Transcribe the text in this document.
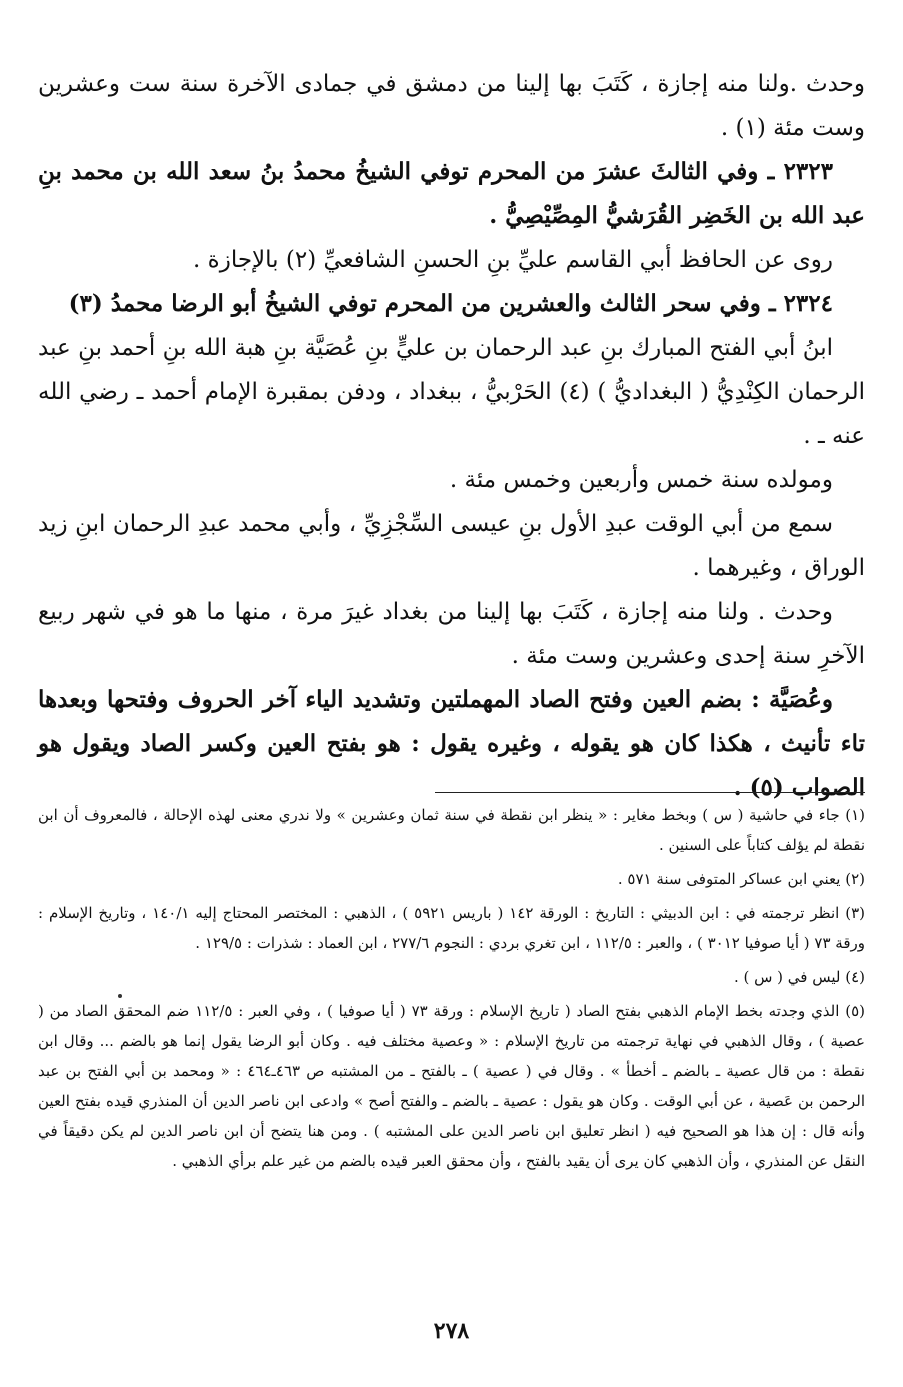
وحدث .ولنا منه إجازة ، كَتَبَ بها إلينا من دمشق في جمادى الآخرة سنة ست وعشرين وست مئة (١) .

٢٣٢٣ ـ وفي الثالثَ عشرَ من المحرم توفي الشيخُ محمدُ بنُ سعد الله بن محمد بنِ عبد الله بن الخَضِر القُرَشيُّ المِصِّيْصِيُّ .

روى عن الحافظ أبي القاسم عليِّ بنِ الحسنِ الشافعيِّ (٢) بالإجازة .

٢٣٢٤ ـ وفي سحر الثالث والعشرين من المحرم توفي الشيخُ أبو الرضا محمدُ (٣)

ابنُ أبي الفتح المبارك بنِ عبد الرحمان بن عليٍّ بنِ عُصَيَّة بنِ هبة الله بنِ أحمد بنِ عبد الرحمان الكِنْدِيُّ ( البغداديُّ ) (٤) الحَرْبيُّ ، ببغداد ، ودفن بمقبرة الإمام أحمد ـ رضي الله عنه ـ .

ومولده سنة خمس وأربعين وخمس مئة .

سمع من أبي الوقت عبدِ الأول بنِ عيسى السِّجْزِيِّ ، وأبي محمد عبدِ الرحمان ابنِ زيد الوراق ، وغيرهما .

وحدث . ولنا منه إجازة ، كَتَبَ بها إلينا من بغداد غيرَ مرة ، منها ما هو في شهر ربيع الآخرِ سنة إحدى وعشرين وست مئة .

وعُصَيَّة : بضم العين وفتح الصاد المهملتين وتشديد الياء آخر الحروف وفتحها وبعدها تاء تأنيث ، هكذا كان هو يقوله ، وغيره يقول : هو بفتح العين وكسر الصاد ويقول هو الصواب (٥) .

(١) جاء في حاشية ( س ) وبخط مغاير : « ينظر ابن نقطة في سنة ثمان وعشرين » ولا ندري معنى لهذه الإحالة ، فالمعروف أن ابن نقطة لم يؤلف كتاباً على السنين .

(٢) يعني ابن عساكر المتوفى سنة ٥٧١ .

(٣) انظر ترجمته في : ابن الدبيثي : التاريخ : الورقة ١٤٢ ( باريس ٥٩٢١ ) ، الذهبي : المختصر المحتاج إليه ١٤٠/١ ، وتاريخ الإسلام : ورقة ٧٣ ( أيا صوفيا ٣٠١٢ ) ، والعبر : ١١٢/٥ ، ابن تغري بردي : النجوم ٢٧٧/٦ ، ابن العماد : شذرات : ١٢٩/٥ .

(٤) ليس في ( س ) .

(٥) الذي وجدته بخط الإمام الذهبي بفتح الصاد ( تاريخ الإسلام : ورقة ٧٣ ( أيا صوفيا ) ، وفي العبر : ١١٢/٥ ضم المحقق الصاد من ( عصية ) ، وقال الذهبي في نهاية ترجمته من تاريخ الإسلام : « وعصية مختلف فيه . وكان أبو الرضا يقول إنما هو بالضم ... وقال ابن نقطة : من قال عصية ـ بالضم ـ أخطأ » . وقال في ( عصية ) ـ بالفتح ـ من المشتبه ص ٤٦٣ـ٤٦٤ : « ومحمد بن أبي الفتح بن عبد الرحمن بن عَصية ، عن أبي الوقت . وكان هو يقول : عصية ـ بالضم ـ والفتح أصح » وادعى ابن ناصر الدين أن المنذري قيده بفتح العين وأنه قال : إن هذا هو الصحيح فيه ( انظر تعليق ابن ناصر الدين على المشتبه ) . ومن هنا يتضح أن ابن ناصر الدين لم يكن دقيقاً في النقل عن المنذري ، وأن الذهبي كان يرى أن يقيد بالفتح ، وأن محقق العبر قيده بالضم من غير علم برأي الذهبي .

٢٧٨
